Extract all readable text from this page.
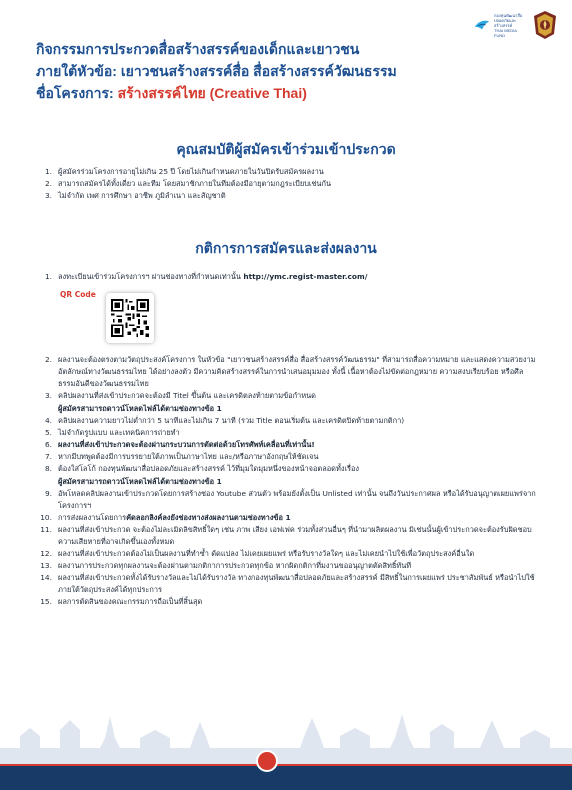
กองทุนพัฒนาสื่อปลอดภัยและสร้างสรรค์
THAI MEDIA FUND
กิจกรรมการประกวดสื่อสร้างสรรค์ของเด็กและเยาวชน
ภายใต้หัวข้อ: เยาวชนสร้างสรรค์สื่อ สื่อสร้างสรรค์วัฒนธรรม
ชื่อโครงการ: สร้างสรรค์ไทย (Creative Thai)
คุณสมบัติผู้สมัครเข้าร่วมเข้าประกวด
1. ผู้สมัครร่วมโครงการอายุไม่เกิน 25 ปี โดยไม่เกินกำหนดภายในวันปิดรับสมัครผลงาน
2. สามารถสมัครได้ทั้งเดี่ยว และทีม โดยสมาชิกภายในทีมต้องมีอายุตามกฎระเบียบเช่นกัน
3. ไม่จำกัด เพศ การศึกษา อาชีพ ภูมิลำเนา และสัญชาติ
กติการการสมัครและส่งผลงาน
1. ลงทะเบียนเข้าร่วมโครงการฯ ผ่านช่องทางที่กำหนดเท่านั้น http://ymc.regist-master.com/
QR Code
2. ผลงานจะต้องตรงตามวัตถุประสงค์โครงการ ในหัวข้อ "เยาวชนสร้างสรรค์สื่อ สื่อสร้างสรรค์วัฒนธรรม" ที่สามารถสื่อความหมาย และแสดงความสวยงาม อัตลักษณ์ทางวัฒนธรรมไทย ได้อย่างลงตัว มีความคิดสร้างสรรค์ในการนำเสนอมุมมอง ทั้งนี้ เนื้อหาต้องไม่ขัดต่อกฎหมาย ความสงบเรียบร้อย หรือศีลธรรมอันดีของวัฒนธรรมไทย
3. คลิปผลงานที่ส่งเข้าประกวดจะต้องมี Titel ขึ้นต้น และเครดิตลงท้ายตามข้อกำหนด
ผู้สมัครสามารถดาวน์โหลดไฟล์ได้ตามช่องทางข้อ 1
4. คลิปผลงานความยาวไม่ต่ำกว่า 5 นาทีและไม่เกิน 7 นาที (รวม Title ตอนเริ่มต้น และเครดิตปิดท้ายตามกติกา)
5. ไม่จำกัดรูปแบบ และเทคนิคการถ่ายทำ
6. ผลงานที่ส่งเข้าประกวดจะต้องผ่านกระบวนการตัดต่อด้วยโทรศัพท์เคลื่อนที่เท่านั้น!
7. หากมีบทพูดต้องมีการบรรยายใต้ภาพเป็นภาษาไทย และ/หรือภาษาอังกฤษให้ชัดเจน
8. ต้องใส่โลโก้ กองทุนพัฒนาสื่อปลอดภัยและสร้างสรรค์ ไว้ที่มุมใดมุมหนึ่งของหน้าจอตลอดทั้งเรื่อง
ผู้สมัครสามารถดาวน์โหลดไฟล์ได้ตามช่องทางข้อ 1
9. อัพโหลดคลิปผลงานเข้าประกวดโดยการสร้างช่อง Youtube ส่วนตัว พร้อมยังตั้งเป็น Unlisted เท่านั้น จนถึงวันประกาศผล หรือได้รับอนุญาตเผยแพร่จากโครงการฯ
10. การส่งผลงานโดยการคัดลอกลิงค์ลงยังช่องทางส่งผลงานตามช่องทางข้อ 1
11. ผลงานที่ส่งเข้าประกวด จะต้องไม่ละเมิดลิขสิทธิ์ใดๆ เช่น ภาพ เสียง เอฟเฟค ร่วมทั้งส่วนอื่นๆ ที่นำมาผลิตผลงาน มิเช่นนั้นผู้เข้าประกวดจะต้องรับผิดชอบความเสียหายที่อาจเกิดขึ้นเองทั้งหมด
12. ผลงานที่ส่งเข้าประกวดต้องไม่เป็นผลงานที่ทำซ้ำ ดัดแปลง ไม่เคยเผยแพร่ หรือรับรางวัลใดๆ และไม่เคยนำไปใช้เพื่อวัตถุประสงค์อื่นใด
13. ผลงานการประกวดทุกผลงานจะต้องผ่านตามกติกาการประกวดทุกข้อ หากผิดกติกาที่มงานขออนุญาตตัดสิทธิ์ทันที
14. ผลงานที่ส่งเข้าประกวดทั้งได้รับรางวัลและไม่ได้รับรางวัล ทางกองทุนพัฒนาสื่อปลอดภัยและสร้างสรรค์ มีสิทธิ์ในการเผยแพร่ ประชาสัมพันธ์ หรือนำไปใช้ภายใต้วัตถุประสงค์ได้ทุกประการ
15. ผลการตัดสินของคณะกรรมการถือเป็นที่สิ้นสุด
